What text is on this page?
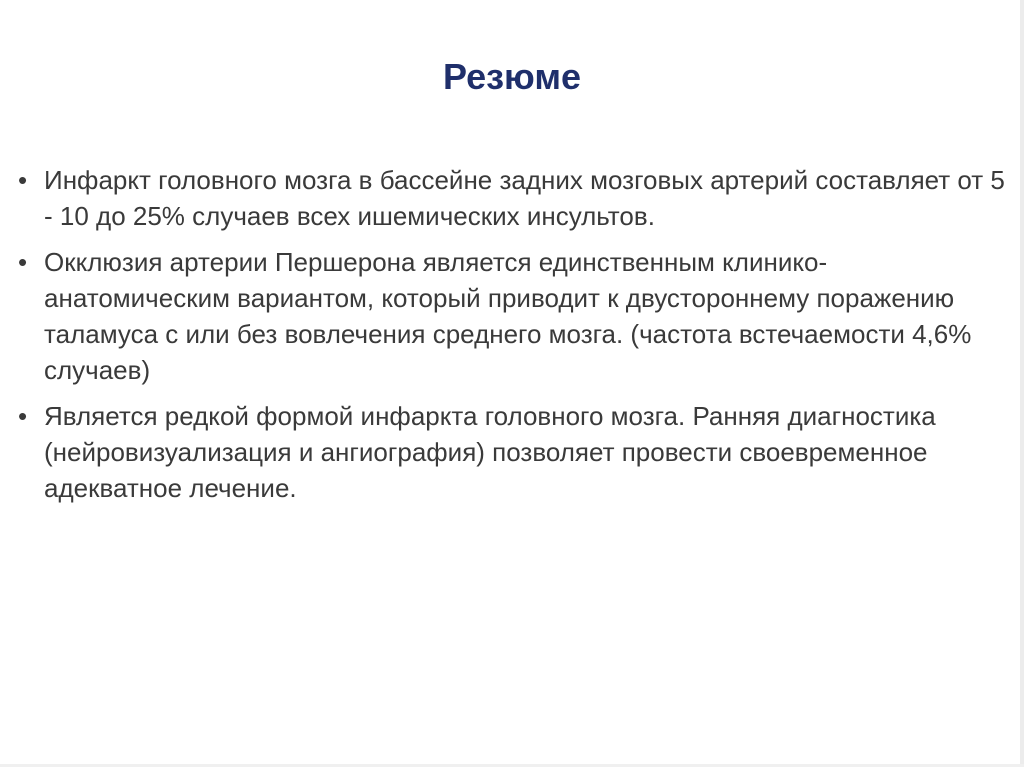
Резюме
• Инфаркт головного мозга в бассейне задних мозговых артерий составляет от 5 - 10 до 25% случаев всех ишемических инсультов.
• Окклюзия артерии Першерона является единственным клинико-анатомическим вариантом, который приводит к двустороннему поражению таламуса с или без вовлечения среднего мозга. (частота встечаемости 4,6% случаев)
• Является редкой формой инфаркта головного мозга. Ранняя диагностика (нейровизуализация и ангиография) позволяет провести своевременное адекватное лечение.
